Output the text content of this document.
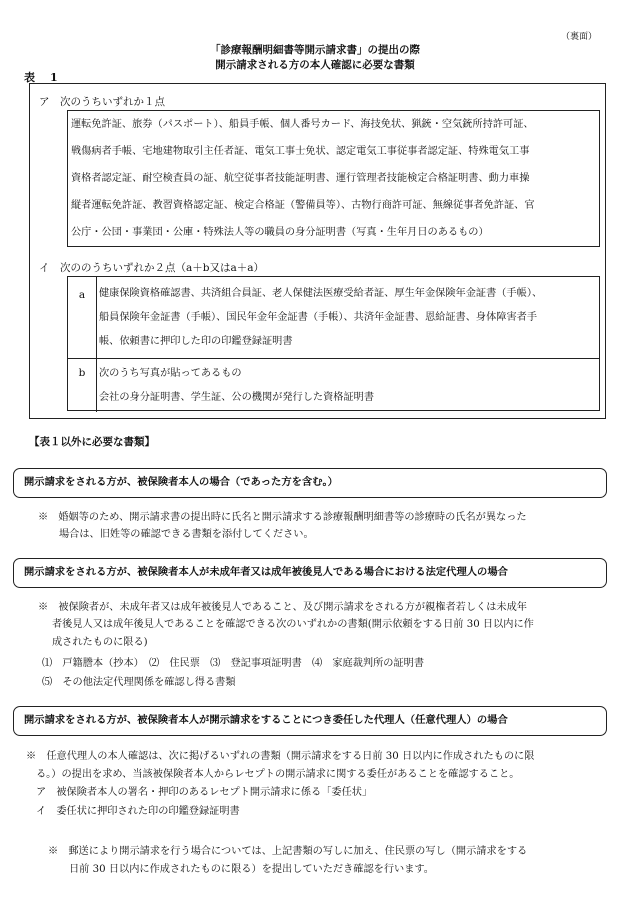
（裏面）
「診療報酬明細書等開示請求書」の提出の際
開示請求される方の本人確認に必要な書類
表　1
ア　次のうちいずれか１点

運転免許証、旅券（パスポート）、船員手帳、個人番号カード、海技免状、猟銃・空気銃所持許可証、

戦傷病者手帳、宅地建物取引主任者証、電気工事士免状、認定電気工事従事者認定証、特殊電気工事

資格者認定証、耐空検査員の証、航空従事者技能証明書、運行管理者技能検定合格証明書、動力車操

縦者運転免許証、教習資格認定証、検定合格証（警備員等）、古物行商許可証、無線従事者免許証、官

公庁・公団・事業団・公庫・特殊法人等の職員の身分証明書（写真・生年月日のあるもの）

イ　次ののうちいずれか２点（a＋b又はa＋a）
a	健康保険資格確認書、共済組合員証、老人保健法医療受給者証、厚生年金保険年金証書（手帳）、

船員保険年金証書（手帳）、国民年金年金証書（手帳）、共済年金証書、恩給証書、身体障害者手

帳、依頼書に押印した印の印鑑登録証明書

b	次のうち写真が貼ってあるもの

会社の身分証明書、学生証、公の機関が発行した資格証明書

【表１以外に必要な書類】
開示請求をされる方が、被保険者本人の場合（であった方を含む。）
※　婚姻等のため、開示請求書の提出時に氏名と開示請求する診療報酬明細書等の診療時の氏名が異なった
場合は、旧姓等の確認できる書類を添付してください。
開示請求をされる方が、被保険者本人が未成年者又は成年被後見人である場合における法定代理人の場合
※　被保険者が、未成年者又は成年被後見人であること、及び開示請求をされる方が親権者若しくは未成年
者後見人又は成年後見人であることを確認できる次のいずれかの書類(開示依頼をする日前 30 日以内に作
成されたものに限る)
⑴　戸籍謄本（抄本）　⑵　住民票　⑶　登記事項証明書　⑷　家庭裁判所の証明書
⑸　その他法定代理関係を確認し得る書類
開示請求をされる方が、被保険者本人が開示請求をすることにつき委任した代理人（任意代理人）の場合
※　任意代理人の本人確認は、次に掲げるいずれの書類（開示請求をする日前 30 日以内に作成されたものに限
る。）の提出を求め、当該被保険者本人からレセプトの開示請求に関する委任があることを確認すること。
ア　被保険者本人の署名・押印のあるレセプト開示請求に係る「委任状」
イ　委任状に押印された印の印鑑登録証明書
※　郵送により開示請求を行う場合については、上記書類の写しに加え、住民票の写し（開示請求をする
日前 30 日以内に作成されたものに限る）を提出していただき確認を行います。
